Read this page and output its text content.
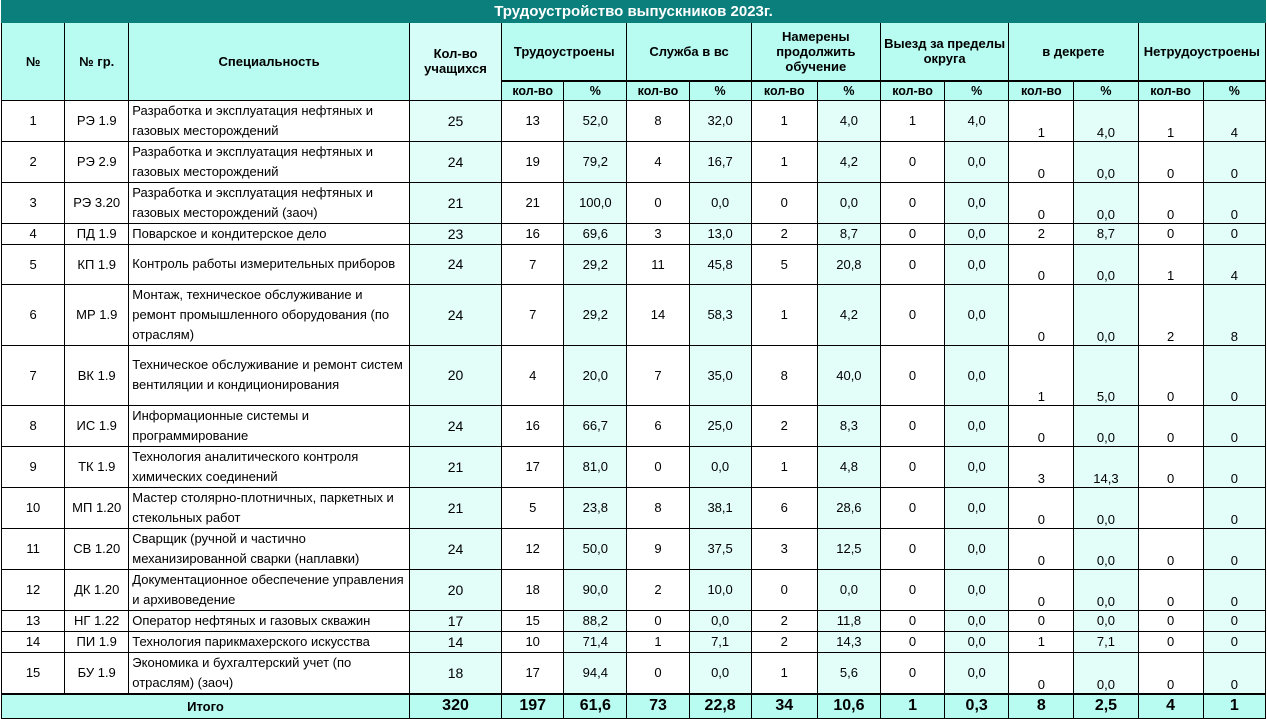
Трудоустройство выпускников 2023г.															
№	№ гр.	Специальность	Кол-во учащихся	Трудоустроены		Служба в вс		Намерены продолжить обучение		Выезд за пределы округа		в декрете		Нетрудоустроены	
				кол-во	%	кол-во	%	кол-во	%	кол-во	%	кол-во	%	кол-во	%
1	РЭ 1.9	Разработка и эксплуатация нефтяных и газовых месторождений	25	13	52,0	8	32,0	1	4,0	1	4,0	1	4,0	1	4
2	РЭ 2.9	Разработка и эксплуатация нефтяных и газовых месторождений	24	19	79,2	4	16,7	1	4,2	0	0,0	0	0,0	0	0
3	РЭ 3.20	Разработка и эксплуатация нефтяных и газовых месторождений (заоч)	21	21	100,0	0	0,0	0	0,0	0	0,0	0	0,0	0	0
4	ПД 1.9	Поварское и кондитерское дело	23	16	69,6	3	13,0	2	8,7	0	0,0	2	8,7	0	0
5	КП 1.9	Контроль работы измерительных приборов	24	7	29,2	11	45,8	5	20,8	0	0,0	0	0,0	1	4
6	МР 1.9	Монтаж, техническое обслуживание и ремонт промышленного оборудования (по отраслям)	24	7	29,2	14	58,3	1	4,2	0	0,0	0	0,0	2	8
7	ВК 1.9	Техническое обслуживание и ремонт систем вентиляции и кондиционирования	20	4	20,0	7	35,0	8	40,0	0	0,0	1	5,0	0	0
8	ИС 1.9	Информационные системы и программирование	24	16	66,7	6	25,0	2	8,3	0	0,0	0	0,0	0	0
9	ТК 1.9	Технология аналитического контроля химических соединений	21	17	81,0	0	0,0	1	4,8	0	0,0	3	14,3	0	0
10	МП 1.20	Мастер столярно-плотничных, паркетных и стекольных работ	21	5	23,8	8	38,1	6	28,6	0	0,0	0	0,0		0
11	СВ 1.20	Сварщик (ручной и частично механизированной сварки (наплавки)	24	12	50,0	9	37,5	3	12,5	0	0,0	0	0,0	0	0
12	ДК 1.20	Документационное обеспечение управления и архивоведение	20	18	90,0	2	10,0	0	0,0	0	0,0	0	0,0	0	0
13	НГ 1.22	Оператор нефтяных и газовых скважин	17	15	88,2	0	0,0	2	11,8	0	0,0	0	0,0	0	0
14	ПИ 1.9	Технология парикмахерского искусства	14	10	71,4	1	7,1	2	14,3	0	0,0	1	7,1	0	0
15	БУ 1.9	Экономика и бухгалтерский учет (по отраслям) (заоч)	18	17	94,4	0	0,0	1	5,6	0	0,0	0	0,0	0	0
Итого			320	197	61,6	73	22,8	34	10,6	1	0,3	8	2,5	4	1
